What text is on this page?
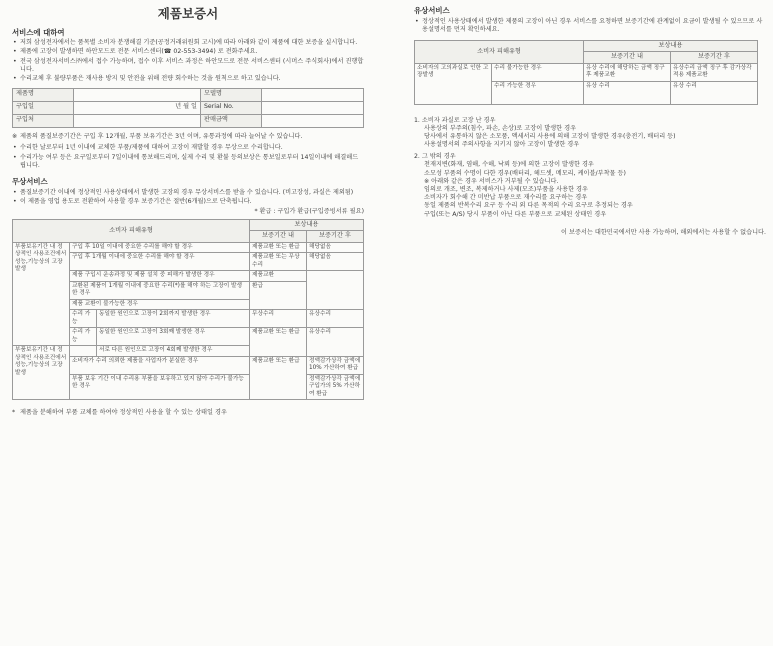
제품보증서
서비스에 대하여
• 저희 삼성전자에서는 품목별 소비자 분쟁해결 기준(공정거래위원회 고시)에 따라 아래와 같이 제품에 대한 보증을 실시합니다.
• 제품에 고장이 발생하면 하안모드로 전문 서비스센터(☎ 02-553-3494) 로 전화주세요.
• 전국 삼성전자서비스㈜에서 접수 가능하며, 접수 이후 서비스 과정은 하안모드로 전문 서비스센터 (시머스 주식회사)에서 진행합니다.
• 수리교체 후 불량부품은 재사용 방지 및 안전을 위해 전량 회수하는 것을 원칙으로 하고 있습니다.
제품명		모델명	
구입일	년 월 일	Serial No.	
구입처		판매금액	
※ 제품의 품질보증기간은 구입 후 12개월, 부품 보유기간은 3년 이며, 유통과정에 따라 늘어날 수 있습니다.
• 수리한 날로부터 1년 이내에 교체한 부품/제품에 대하여 고장이 재발할 경우 무상으로 수리합니다.
• 수리가능 여부 등은 요구일로부터 7일이내에 통보해드리며, 실제 수리 및 환불 등의보상은 통보일로부터 14일이내에 해결해드립니다.
무상서비스
• 품질보증기간 이내에 정상적인 사용상태에서 발생한 고장의 경우 무상서비스를 받을 수 있습니다. (비고장성, 과실은 제외됨)
• 이 제품을 영업 용도로 전환하여 사용할 경우 보증기간은 절반(6개월)으로 단축됩니다.
* 환급 : 구입가 환급(구입증빙서류 필요)
소비자 피해유형			보상내용	
			보증기간 내	보증기간 후
부품보유기간 내 정상적인 사용조건에서 성능,기능상의 고장발생	구입 후 10일 이내에 중요한 수리를 해야 할 경우		제품교환 또는 환급	해당없음
	구입 후 1개월 이내에 중요한 수리를 해야 할 경우		제품교환 또는 무상수리	해당없음
	제품 구입시 운송과정 및 제품 설치 중 피해가 발생한 경우		제품교환	
	교환된 제품이 1개월 이내에 중요한 수리(*)를 해야 하는 고장이 발생한 경우		환급	
	제품 교환이 불가능한 경우			
	수리 가능	동일한 원인으로 고장이 2회까지 발생한 경우	무상수리	유상수리
	수리 가능	동일한 원인으로 고장이 3회째 발생한 경우	제품교환 또는 환급	유상수리
부품보유기간 내 정상적인 사용조건에서 성능,기능상의 고장발생		서로 다른 원인으로 고장이 4회째 발생한 경우		
	소비자가 수리 의뢰한 제품을 사업자가 분실한 경우		제품교환 또는 환급	정액감가상각 금액에 10% 가산하여 환급
	부품 보유 기간 이내 수리용 부품을 보유하고 있지 않아 수리가 불가능한 경우			정액감가상각 금액에 구입가의 5% 가산하여 환급
* 제품을 분해하여 부품 교체를 하여야 정상적인 사용을 할 수 있는 상태일 경우
유상서비스
• 정상적인 사용상태에서 발생한 제품의 고장이 아닌 경우 서비스를 요청하면 보증기간에 관계없이 요금이 발생될 수 있으므로 사용설명서를 먼저 확인하세요.
소비자 피해유형		보상내용	
		보증기간 내	보증기간 후
소비자의 고의과실로 인한 고장발생	수리 불가능한 경우	유상 수리에 해당하는 금액 징구 후 제품교환	유상수리 금액 징구 후 감가상각 적용 제품교환
	수리 가능한 경우	유상 수리	유상 수리
1. 소비자 과실로 고장 난 경우
사용상의 부주의(침수, 파손, 손상)로 고장이 발생한 경우
당사에서 유통하지 않은 소모품, 액세서리 사용에 의해 고장이 발생한 경우(충전기, 배터리 등)
사용설명서의 주의사항을 지키지 않아 고장이 발생한 경우
2. 그 밖의 경우
천재지변(화재, 염해, 수해, 낙뢰 등)에 의한 고장이 발생한 경우
소모성 부품의 수명이 다한 경우(배터리, 헤드셋, 메모리, 케이블/부착물 등)
※ 아래와 같은 경우 서비스가 거부될 수 있습니다.
임의로 개조, 변조, 복제하거나 사제(모조)부품을 사용한 경우
소비자가 회수해 간 미반납 부품으로 재수리를 요구하는 경우
동일 제품의 반복수리 요구 등 수리 외 다른 목적의 수리 요구로 추정되는 경우
구입(또는 A/S) 당시 부품이 아닌 다른 부품으로 교체된 상태인 경우
이 보증서는 대한민국에서만 사용 가능하며, 해외에서는 사용할 수 없습니다.
